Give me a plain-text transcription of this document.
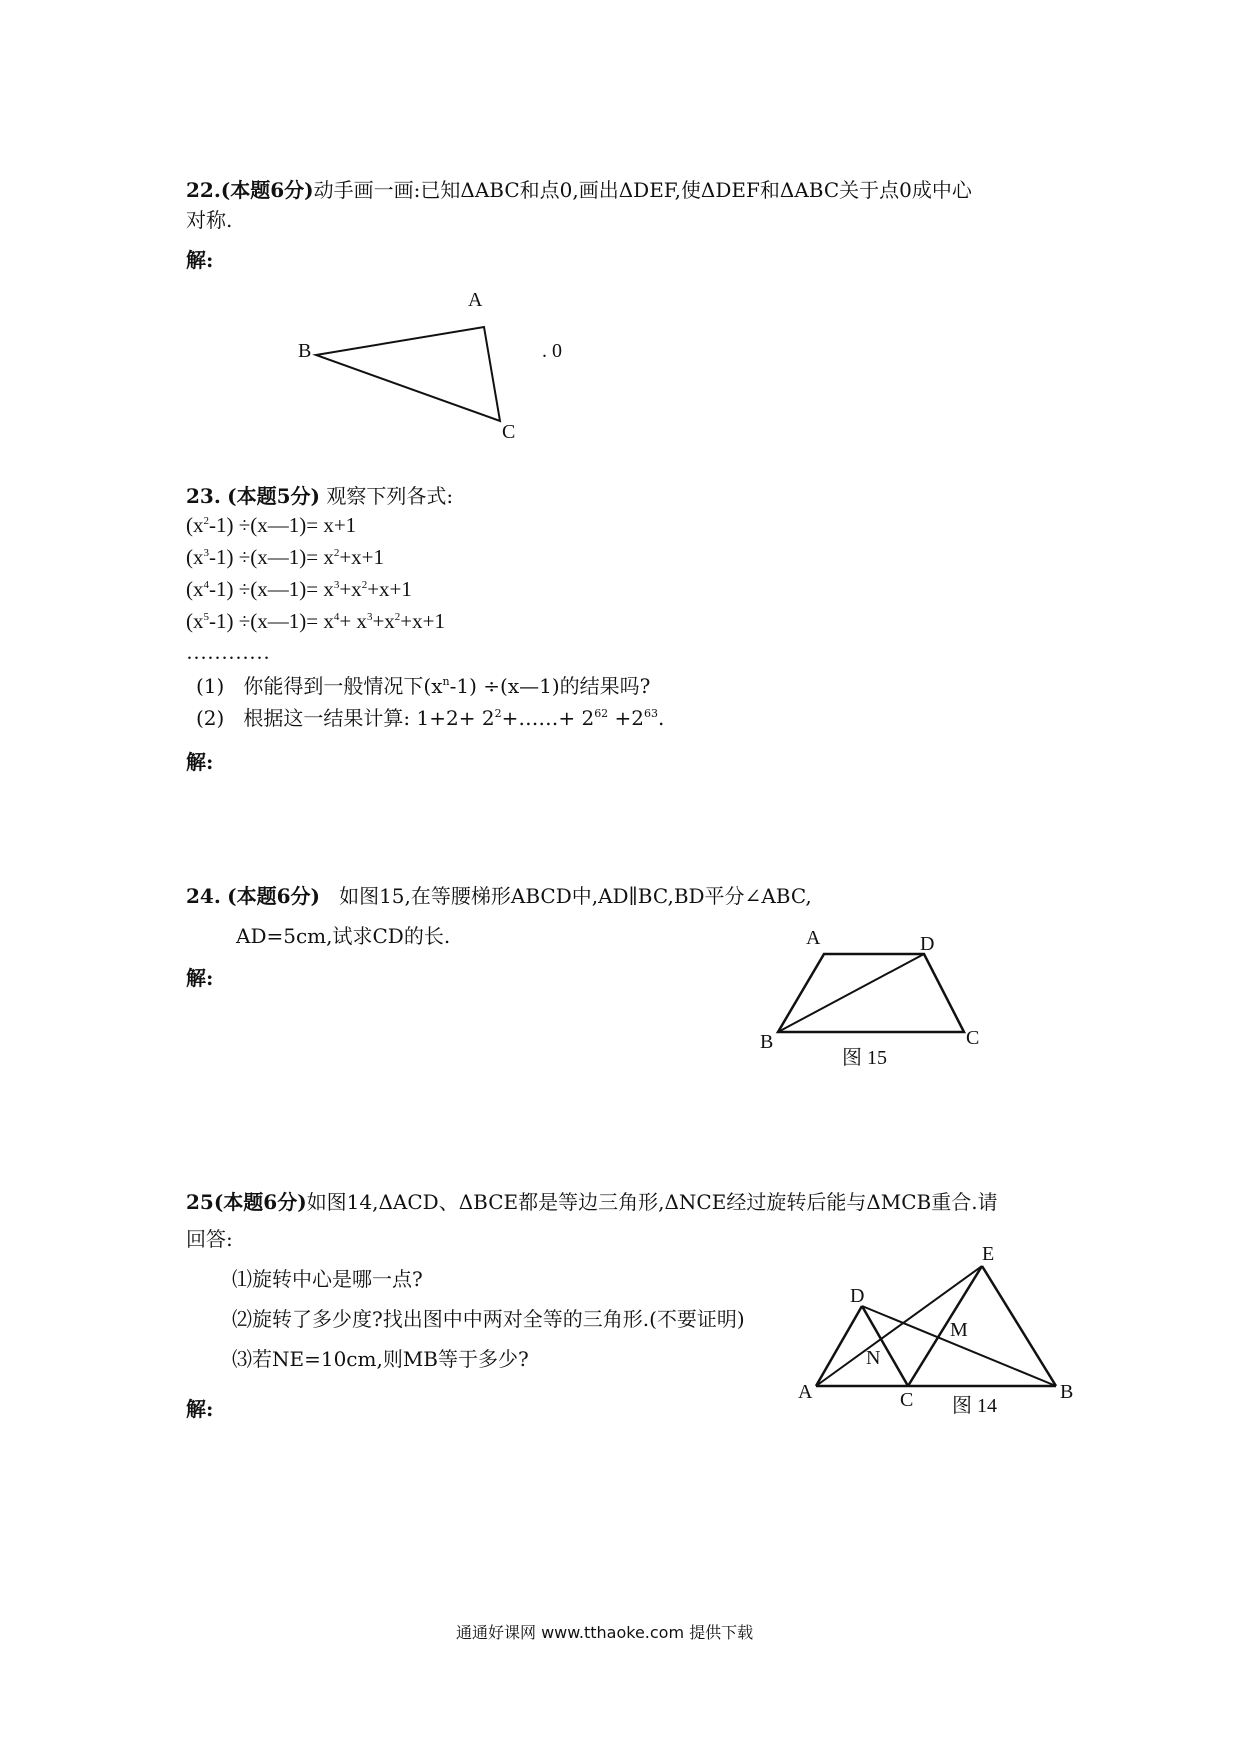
22.(本题6分)动手画一画:已知ΔABC和点0,画出ΔDEF,使ΔDEF和ΔABC关于点0成中心
对称.
解:
A
B
C
. 0
23. (本题5分) 观察下列各式:
$(x^2-1)$ ÷(x—1)= x+1
$(x^3-1)$ ÷(x—1)= $x^2+x+1$
$(x^4-1)$ ÷(x—1)= $x^3+x^2+x+1$
$(x^5-1)$ ÷(x—1)= $x^4+ x^3+x^2+x+1$
…………
(1) 你能得到一般情况下$(x^n-1)$ ÷(x—1)的结果吗?
(2) 根据这一结果计算: $1+2+ 2^2+\dots\dots+ 2^{62} +2^{63}$.
解:
24. (本题6分) 如图15,在等腰梯形ABCD中,AD∥BC,BD平分∠ABC,
AD=5cm,试求CD的长.
解:
A	D
B	C
图 15
25(本题6分)如图14,ΔACD、ΔBCE都是等边三角形,ΔNCE经过旋转后能与ΔMCB重合.请
回答:
⑴旋转中心是哪一点?
⑵旋转了多少度?找出图中中两对全等的三角形.(不要证明)
⑶若NE=10cm,则MB等于多少?
解:
E
D
M
N
A	C	B
图 14
通通好课网 www.tthaoke.com 提供下载
